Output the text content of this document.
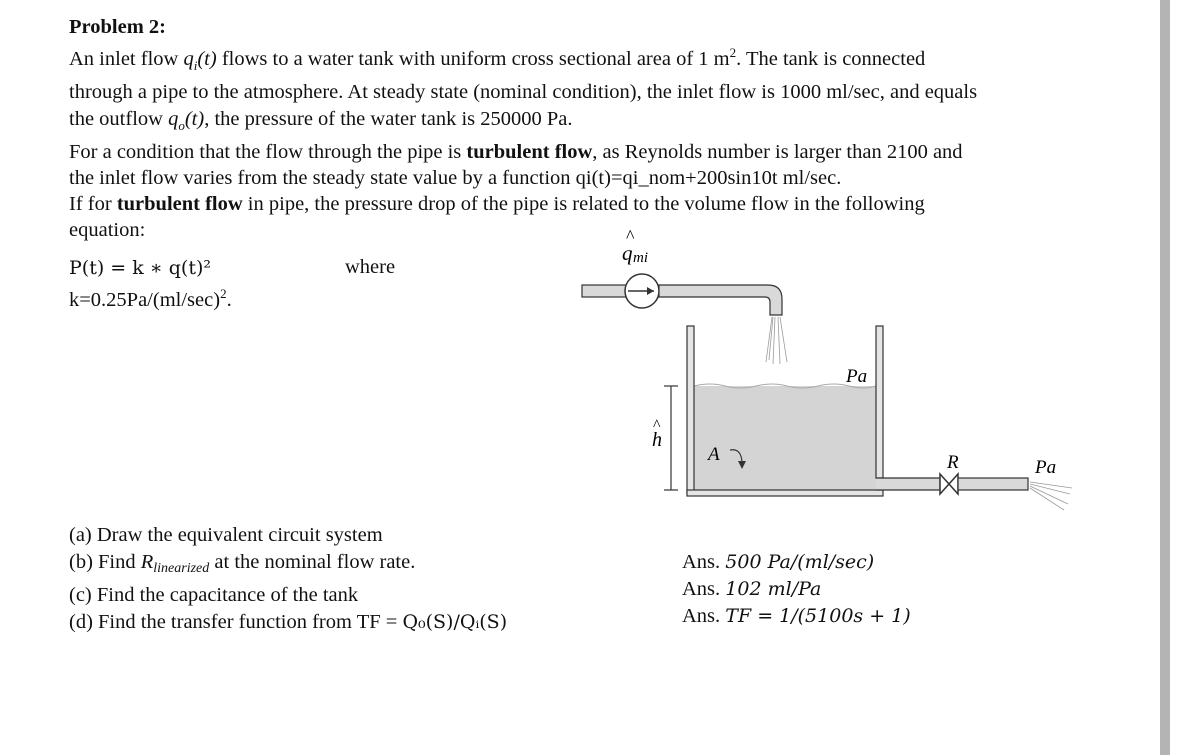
Problem 2:

An inlet flow $q_i(t)$ flows to a water tank with uniform cross sectional area of 1 $m^2$. The tank is connected

through a pipe to the atmosphere. At steady state (nominal condition), the inlet flow is 1000 ml/sec, and equals

the outflow $q_o(t)$, the pressure of the water tank is 250000 Pa.

For a condition that the flow through the pipe is turbulent flow, as Reynolds number is larger than 2100 and

the inlet flow varies from the steady state value by a function qi(t)=qi_nom+200sin10t ml/sec.

If for turbulent flow in pipe, the pressure drop of the pipe is related to the volume flow in the following

equation:

P(t) = k ∗ q(t)²

$k=0.25Pa/(ml/\sec)^2$.

where
^
q mi
Pa
^
h
A	R	Pa

(a) Draw the equivalent circuit system

(b) Find $R_{linearized}$ at the nominal flow rate.

(c) Find the capacitance of the tank

(d) Find the transfer function from TF = Q₀(S)/Qᵢ(S)

Ans. 500 Pa/(ml/sec)

Ans. 102 ml/Pa

Ans. TF = 1/(5100s + 1)
